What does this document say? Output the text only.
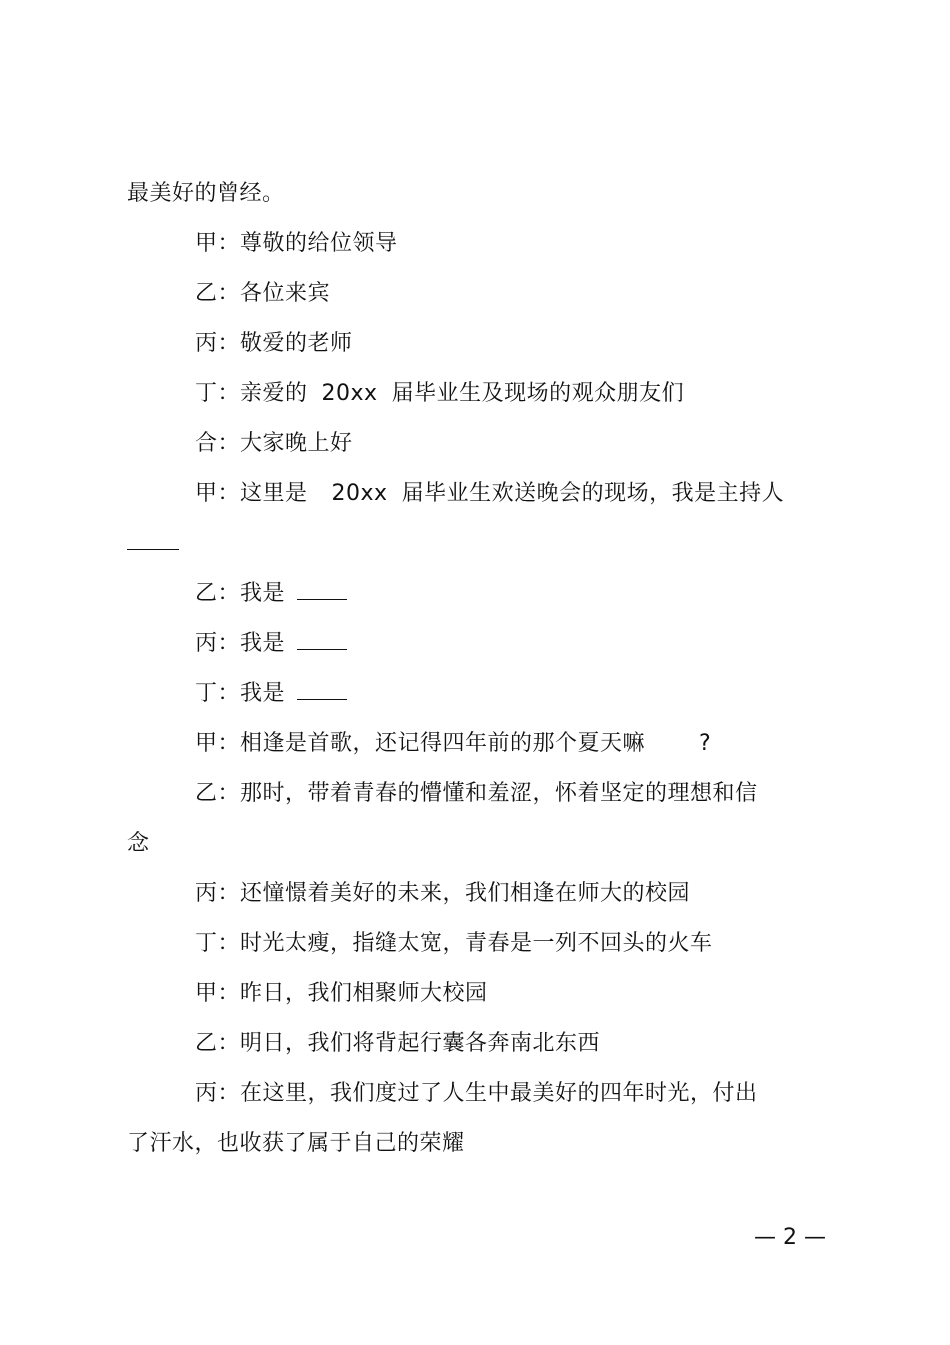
最美好的曾经。
甲：尊敬的给位领导
乙：各位来宾
丙：敬爱的老师
丁：亲爱的 20xx 届毕业生及现场的观众朋友们
合：大家晚上好
甲：这里是 20xx 届毕业生欢送晚会的现场，我是主持人
乙：我是
丙：我是
丁：我是
甲：相逢是首歌，还记得四年前的那个夏天嘛 ?
乙：那时，带着青春的懵懂和羞涩，怀着坚定的理想和信
念
丙：还憧憬着美好的未来，我们相逢在师大的校园
丁：时光太瘦，指缝太宽，青春是一列不回头的火车
甲：昨日，我们相聚师大校园
乙：明日，我们将背起行囊各奔南北东西
丙：在这里，我们度过了人生中最美好的四年时光，付出
了汗水，也收获了属于自己的荣耀
— 2 —
